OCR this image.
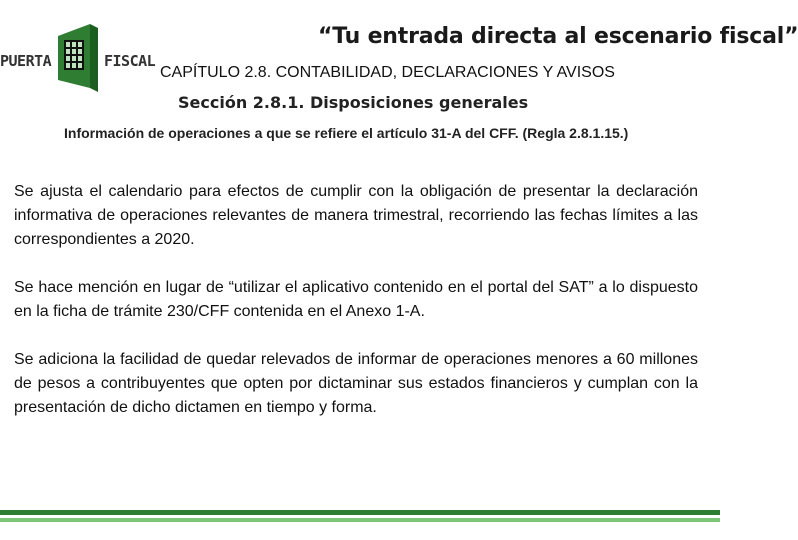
“Tu entrada directa al escenario fiscal”
PUERTA	FISCAL
CAPÍTULO 2.8. CONTABILIDAD, DECLARACIONES Y AVISOS
Sección 2.8.1. Disposiciones generales
Información de operaciones a que se refiere el artículo 31-A del CFF. (Regla 2.8.1.15.)

Se ajusta el calendario para efectos de cumplir con la obligación de presentar la declaración informativa de operaciones relevantes de manera trimestral, recorriendo las fechas límites a las correspondientes a 2020.

Se hace mención en lugar de “utilizar el aplicativo contenido en el portal del SAT” a lo dispuesto en la ficha de trámite 230/CFF contenida en el Anexo 1-A.

Se adiciona la facilidad de quedar relevados de informar de operaciones menores a 60 millones de pesos a contribuyentes que opten por dictaminar sus estados financieros y cumplan con la presentación de dicho dictamen en tiempo y forma.
